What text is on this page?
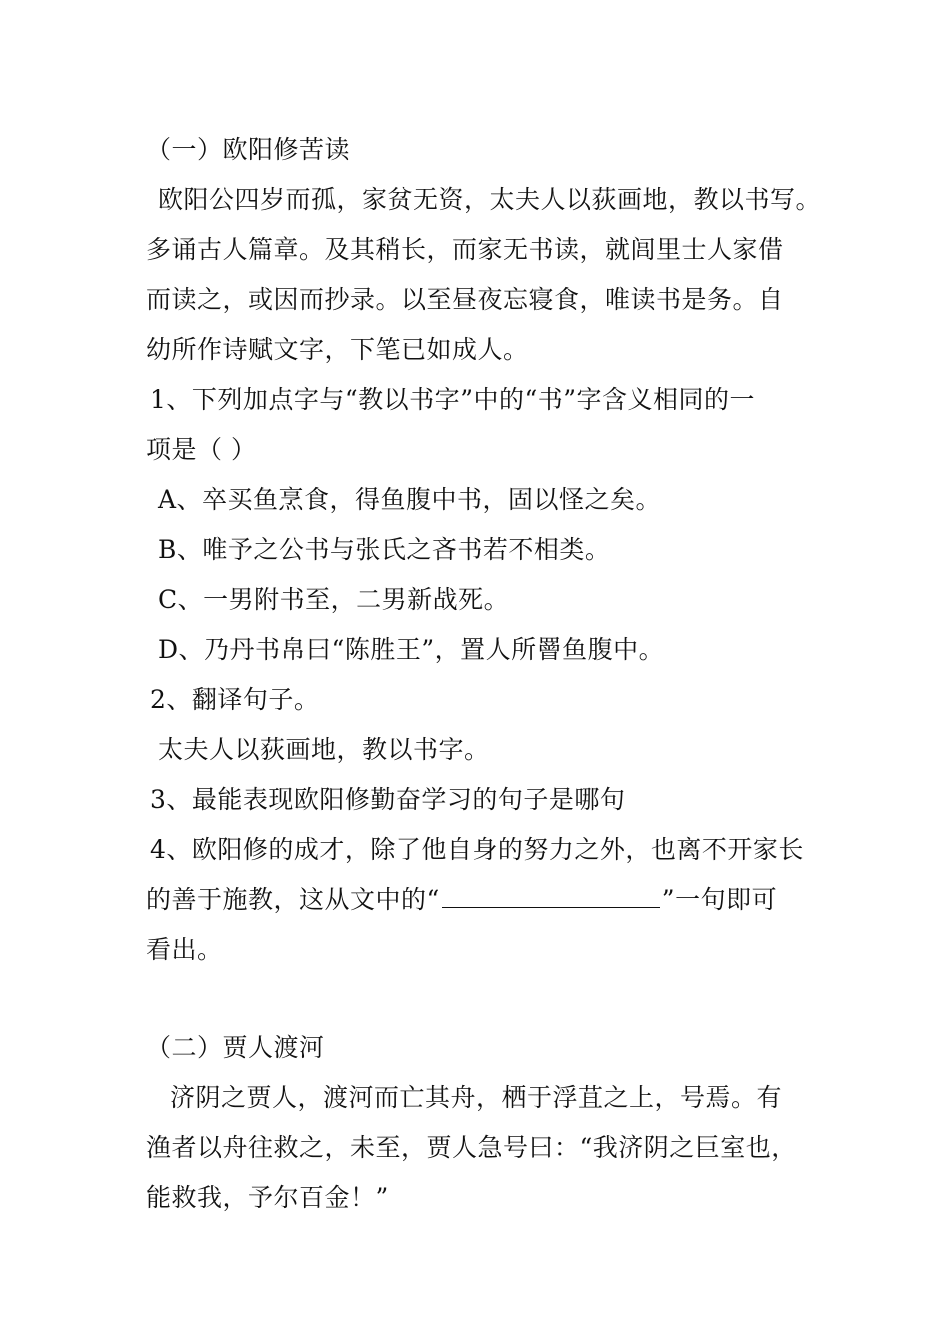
（一）欧阳修苦读
欧阳公四岁而孤，家贫无资，太夫人以荻画地，教以书写。
多诵古人篇章。及其稍长，而家无书读，就闾里士人家借
而读之，或因而抄录。以至昼夜忘寝食，唯读书是务。自
幼所作诗赋文字，下笔已如成人。
1、下列加点字与“教以书字”中的“书”字含义相同的一
项是（ ）
A、卒买鱼烹食，得鱼腹中书，固以怪之矣。
B、唯予之公书与张氏之吝书若不相类。
C、一男附书至，二男新战死。
D、乃丹书帛曰“陈胜王”，置人所罾鱼腹中。
2、翻译句子。
太夫人以荻画地，教以书字。
3、最能表现欧阳修勤奋学习的句子是哪句
4、欧阳修的成才，除了他自身的努力之外，也离不开家长
的善于施教，这从文中的“	”一句即可
看出。
（二）贾人渡河
济阴之贾人，渡河而亡其舟，栖于浮苴之上，号焉。有
渔者以舟往救之，未至，贾人急号曰：“我济阴之巨室也，
能救我，予尔百金！”
